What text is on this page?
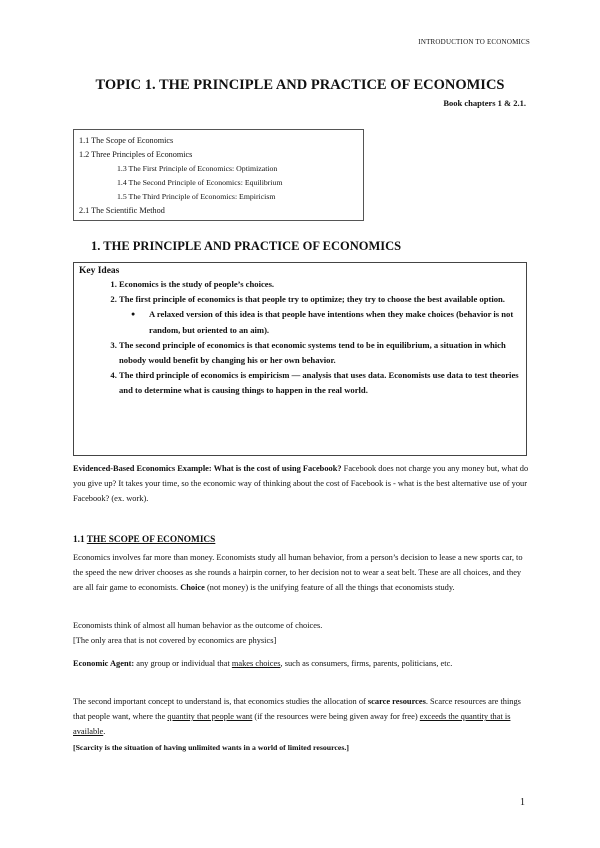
INTRODUCTION TO ECONOMICS
TOPIC 1. THE PRINCIPLE AND PRACTICE OF ECONOMICS
Book chapters 1 & 2.1.
1.1 The Scope of Economics
1.2 Three Principles of Economics
1.3 The First Principle of Economics: Optimization
1.4 The Second Principle of Economics: Equilibrium
1.5 The Third Principle of Economics: Empiricism
2.1 The Scientific Method
1. THE PRINCIPLE AND PRACTICE OF ECONOMICS
Key Ideas
1. Economics is the study of people’s choices.
2. The first principle of economics is that people try to optimize; they try to choose the best available option.
● A relaxed version of this idea is that people have intentions when they make choices (behavior is not random, but oriented to an aim).
3. The second principle of economics is that economic systems tend to be in equilibrium, a situation in which nobody would benefit by changing his or her own behavior.
4. The third principle of economics is empiricism — analysis that uses data. Economists use data to test theories and to determine what is causing things to happen in the real world.
Evidenced-Based Economics Example: What is the cost of using Facebook? Facebook does not charge you any money but, what do you give up? It takes your time, so the economic way of thinking about the cost of Facebook is - what is the best alternative use of your Facebook? (ex. work).
1.1 THE SCOPE OF ECONOMICS
Economics involves far more than money. Economists study all human behavior, from a person’s decision to lease a new sports car, to the speed the new driver chooses as she rounds a hairpin corner, to her decision not to wear a seat belt. These are all choices, and they are all fair game to economists. Choice (not money) is the unifying feature of all the things that economists study.
Economists think of almost all human behavior as the outcome of choices.
[The only area that is not covered by economics are physics]
Economic Agent: any group or individual that makes choices, such as consumers, firms, parents, politicians, etc.
The second important concept to understand is, that economics studies the allocation of scarce resources. Scarce resources are things that people want, where the quantity that people want (if the resources were being given away for free) exceeds the quantity that is available.
[Scarcity is the situation of having unlimited wants in a world of limited resources.]
1
